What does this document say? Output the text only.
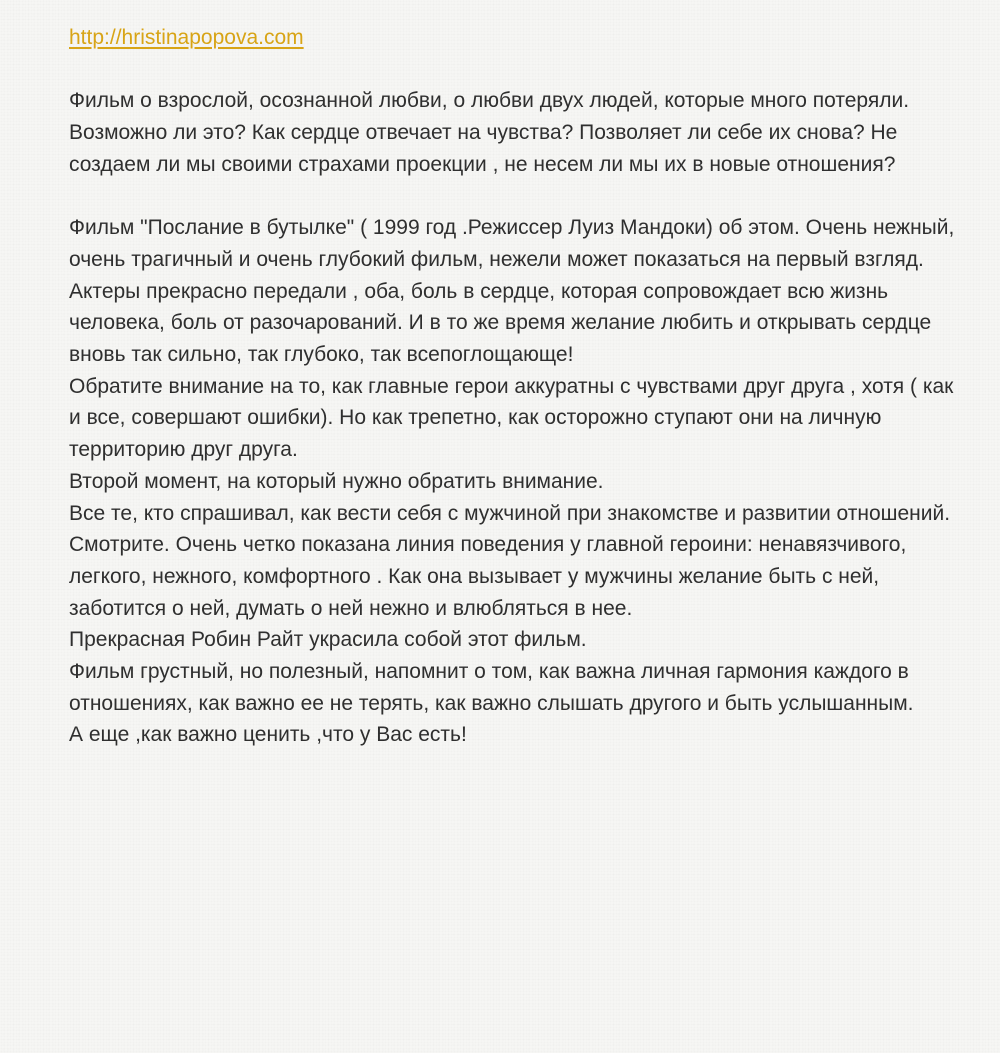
http://hristinapopova.com

Фильм о взрослой, осознанной любви, о любви двух людей, которые много потеряли. Возможно ли это? Как сердце отвечает на чувства? Позволяет ли себе их снова? Не создаем ли мы своими страхами проекции , не несем ли мы их в новые отношения?

Фильм "Послание в бутылке" ( 1999 год .Режиссер Луиз Мандоки) об этом. Очень нежный, очень трагичный и очень глубокий фильм, нежели может показаться на первый взгляд. Актеры прекрасно передали , оба, боль в сердце, которая сопровождает всю жизнь человека, боль от разочарований. И в то же время желание любить и открывать сердце вновь так сильно, так глубоко, так всепоглощающе!

Обратите внимание на то, как главные герои аккуратны с чувствами друг друга , хотя ( как и все, совершают ошибки). Но как трепетно, как осторожно ступают они на личную территорию друг друга.

Второй момент, на который нужно обратить внимание.

Все те, кто спрашивал, как вести себя с мужчиной при знакомстве и развитии отношений.

Смотрите. Очень четко показана линия поведения у главной героини: ненавязчивого, легкого, нежного, комфортного . Как она вызывает у мужчины желание быть с ней, заботится о ней, думать о ней нежно и влюбляться в нее.

Прекрасная Робин Райт украсила собой этот фильм.

Фильм грустный, но полезный, напомнит о том, как важна личная гармония каждого в отношениях, как важно ее не терять, как важно слышать другого и быть услышанным.

А еще ,как важно ценить ,что у Вас есть!
